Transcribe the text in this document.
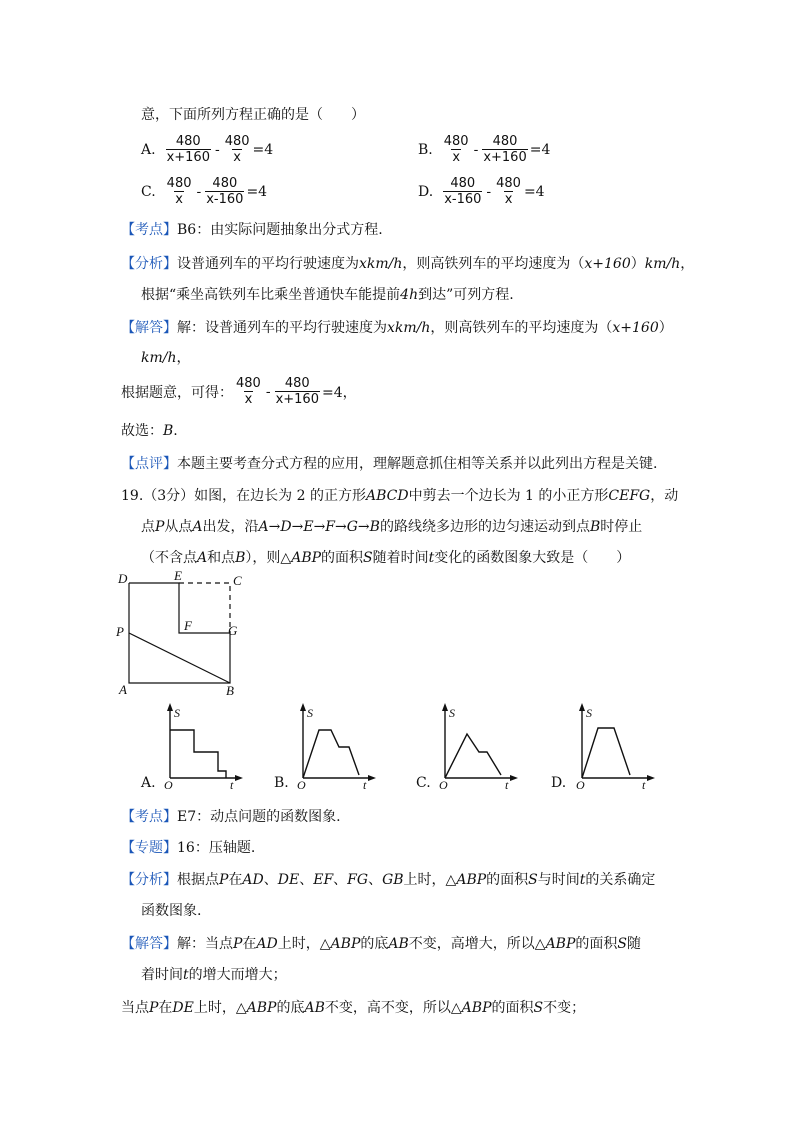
意，下面所列方程正确的是（　　）
A. $\frac{480}{x+160} - \frac{480}{x} =4$	B. $\frac{480}{x} - \frac{480}{x+160} =4$
C. $\frac{480}{x} - \frac{480}{x-160} =4$	D. $\frac{480}{x-160} - \frac{480}{x} =4$
【考点】B6：由实际问题抽象出分式方程.
【分析】设普通列车的平均行驶速度为xkm/h，则高铁列车的平均速度为（x+160）km/h，
根据“乘坐高铁列车比乘坐普通快车能提前4h到达”可列方程.
【解答】解：设普通列车的平均行驶速度为xkm/h，则高铁列车的平均速度为（x+160）
km/h，
根据题意，可得： $\frac{480}{x} - \frac{480}{x+160} =4$，
故选：B.
【点评】本题主要考查分式方程的应用，理解题意抓住相等关系并以此列出方程是关键.
19.（3分）如图，在边长为 2 的正方形ABCD中剪去一个边长为 1 的小正方形CEFG，动
点P从点A出发，沿A→D→E→F→G→B的路线绕多边形的边匀速运动到点B时停止
（不含点A和点B），则△ABP的面积S随着时间t变化的函数图象大致是（　　）
D	E	C
P	F	G
A	B
A.
S
O	t	B.
S
O	t	C.
S
O	t	D.
S
O	t
【考点】E7：动点问题的函数图象.
【专题】16：压轴题.
【分析】根据点P在AD、DE、EF、FG、GB上时，△ABP的面积S与时间t的关系确定
函数图象.
【解答】解：当点P在AD上时，△ABP的底AB不变，高增大，所以△ABP的面积S随
着时间t的增大而增大；
当点P在DE上时，△ABP的底AB不变，高不变，所以△ABP的面积S不变；
